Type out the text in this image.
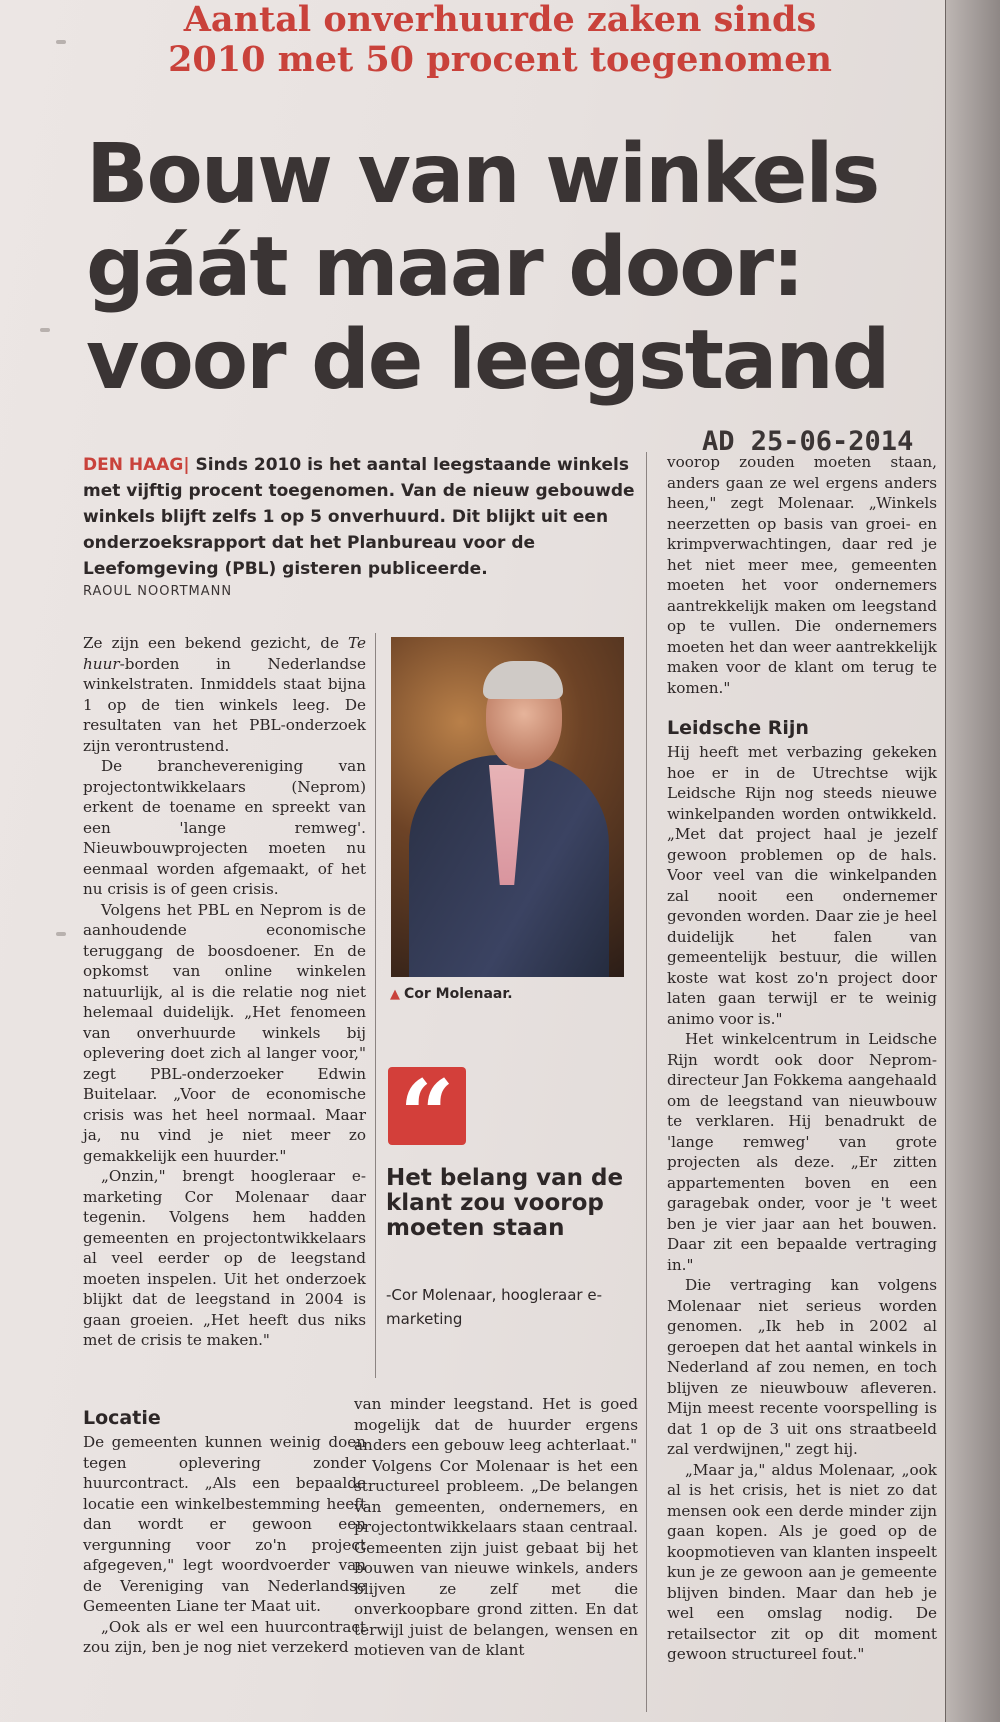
Aantal onverhuurde zaken sinds
2010 met 50 procent toegenomen
Bouw van winkels
gáát maar door:
voor de leegstand
AD 25-06-2014
DEN HAAG| Sinds 2010 is het aantal leegstaande winkels met vijftig procent toegenomen. Van de nieuw gebouwde winkels blijft zelfs 1 op 5 onverhuurd. Dit blijkt uit een onderzoeksrapport dat het Planbureau voor de Leefomgeving (PBL) gisteren publiceerde.
RAOUL NOORTMANN

Ze zijn een bekend gezicht, de Te huur-borden in Nederlandse winkelstraten. Inmiddels staat bijna 1 op de tien winkels leeg. De resultaten van het PBL-onderzoek zijn verontrustend.

De branchevereniging van projectontwikkelaars (Neprom) erkent de toename en spreekt van een 'lange remweg'. Nieuwbouwprojecten moeten nu eenmaal worden afgemaakt, of het nu crisis is of geen crisis.

Volgens het PBL en Neprom is de aanhoudende economische teruggang de boosdoener. En de opkomst van online winkelen natuurlijk, al is die relatie nog niet helemaal duidelijk. „Het fenomeen van onverhuurde winkels bij oplevering doet zich al langer voor," zegt PBL-onderzoeker Edwin Buitelaar. „Voor de economische crisis was het heel normaal. Maar ja, nu vind je niet meer zo gemakkelijk een huurder."

„Onzin," brengt hoogleraar e-marketing Cor Molenaar daar tegenin. Volgens hem hadden gemeenten en projectontwikkelaars al veel eerder op de leegstand moeten inspelen. Uit het onderzoek blijkt dat de leegstand in 2004 is gaan groeien. „Het heeft dus niks met de crisis te maken."

Locatie

De gemeenten kunnen weinig doen tegen oplevering zonder huurcontract. „Als een bepaalde locatie een winkelbestemming heeft dan wordt er gewoon een vergunning voor zo'n project afgegeven," legt woordvoerder van de Vereniging van Nederlandse Gemeenten Liane ter Maat uit.

„Ook als er wel een huurcontract zou zijn, ben je nog niet verzekerd

▲ Cor Molenaar.
“
Het belang van de klant zou voorop moeten staan
-Cor Molenaar, hoogleraar e-marketing

van minder leegstand. Het is goed mogelijk dat de huurder ergens anders een gebouw leeg achterlaat."

Volgens Cor Molenaar is het een structureel probleem. „De belangen van gemeenten, ondernemers, en projectontwikkelaars staan centraal. Gemeenten zijn juist gebaat bij het bouwen van nieuwe winkels, anders blijven ze zelf met die onverkoopbare grond zitten. En dat terwijl juist de belangen, wensen en motieven van de klant

voorop zouden moeten staan, anders gaan ze wel ergens anders heen," zegt Molenaar. „Winkels neerzetten op basis van groei- en krimpverwachtingen, daar red je het niet meer mee, gemeenten moeten het voor ondernemers aantrekkelijk maken om leegstand op te vullen. Die ondernemers moeten het dan weer aantrekkelijk maken voor de klant om terug te komen."

Leidsche Rijn

Hij heeft met verbazing gekeken hoe er in de Utrechtse wijk Leidsche Rijn nog steeds nieuwe winkelpanden worden ontwikkeld. „Met dat project haal je jezelf gewoon problemen op de hals. Voor veel van die winkelpanden zal nooit een ondernemer gevonden worden. Daar zie je heel duidelijk het falen van gemeentelijk bestuur, die willen koste wat kost zo'n project door laten gaan terwijl er te weinig animo voor is."

Het winkelcentrum in Leidsche Rijn wordt ook door Neprom-directeur Jan Fokkema aangehaald om de leegstand van nieuwbouw te verklaren. Hij benadrukt de 'lange remweg' van grote projecten als deze. „Er zitten appartementen boven en een garagebak onder, voor je 't weet ben je vier jaar aan het bouwen. Daar zit een bepaalde vertraging in."

Die vertraging kan volgens Molenaar niet serieus worden genomen. „Ik heb in 2002 al geroepen dat het aantal winkels in Nederland af zou nemen, en toch blijven ze nieuwbouw afleveren. Mijn meest recente voorspelling is dat 1 op de 3 uit ons straatbeeld zal verdwijnen," zegt hij.

„Maar ja," aldus Molenaar, „ook al is het crisis, het is niet zo dat mensen ook een derde minder zijn gaan kopen. Als je goed op de koopmotieven van klanten inspeelt kun je ze gewoon aan je gemeente blijven binden. Maar dan heb je wel een omslag nodig. De retailsector zit op dit moment gewoon structureel fout."
